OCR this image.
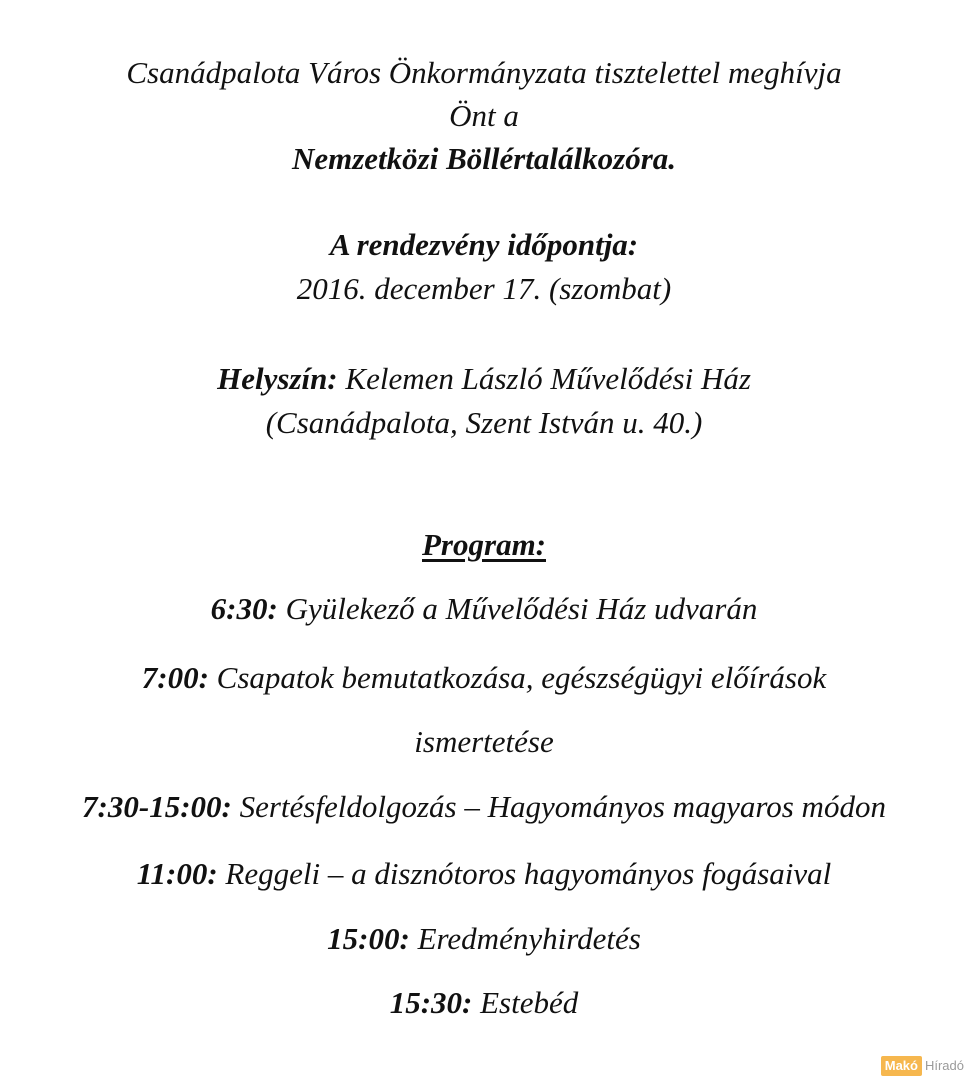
Csanádpalota Város Önkormányzata tisztelettel meghívja
Önt a
Nemzetközi Böllértalálkozóra.
A rendezvény időpontja:
2016. december 17. (szombat)
Helyszín: Kelemen László Művelődési Ház
(Csanádpalota, Szent István u. 40.)
Program:
6:30: Gyülekező a Művelődési Ház udvarán
7:00: Csapatok bemutatkozása, egészségügyi előírások
ismertetése
7:30-15:00: Sertésfeldolgozás – Hagyományos magyaros módon
11:00: Reggeli – a disznótoros hagyományos fogásaival
15:00: Eredményhirdetés
15:30: Estebéd
Makó Híradó
